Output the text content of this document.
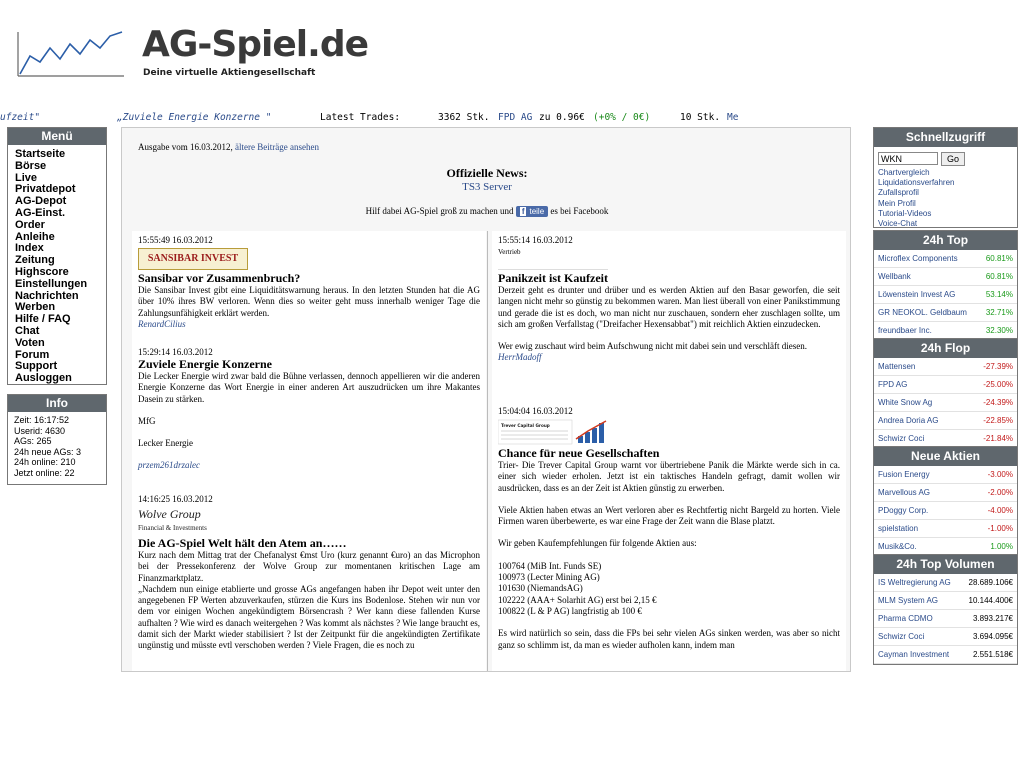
AG-Spiel.de
Deine virtuelle Aktiengesellschaft
ufzeit"	„Zuviele Energie Konzerne "	Latest Trades:	3362 Stk. FPD AG zu 0.96€ (+0% / 0€)	10 Stk. Me
Menü
Startseite
Börse
Live
Privatdepot
AG-Depot
AG-Einst.
Order
Anleihe
Index
Zeitung
Highscore
Einstellungen
Nachrichten
Werben
Hilfe / FAQ
Chat
Voten
Forum
Support
Ausloggen
Info
Zeit: 16:17:52
Userid: 4630
AGs: 265
24h neue AGs: 3
24h online: 210
Jetzt online: 22
Ausgabe vom 16.03.2012, ältere Beiträge ansehen
Offizielle News:
TS3 Server
Hilf dabei AG-Spiel groß zu machen und f teile es bei Facebook
15:55:49 16.03.2012
SANSIBAR INVEST
Sansibar vor Zusammenbruch?

Die Sansibar Invest gibt eine Liquiditätswarnung heraus. In den letzten Stunden hat die AG über 10% ihres BW verloren. Wenn dies so weiter geht muss innerhalb weniger Tage die Zahlungsunfähigkeit erklärt werden.

RenardCilius
15:29:14 16.03.2012
Zuviele Energie Konzerne

Die Lecker Energie wird zwar bald die Bühne verlassen, dennoch appellieren wir die anderen Energie Konzerne das Wort Energie in einer anderen Art auszudrücken um ihre Makantes Dasein zu stärken.

MfG

Lecker Energie

przem261drzalec
14:16:25 16.03.2012
Wolve Group
Financial & Investments
Die AG-Spiel Welt hält den Atem an……

Kurz nach dem Mittag trat der Chefanalyst €mst Uro (kurz genannt €uro) an das Microphon bei der Pressekonferenz der Wolve Group zur momentanen kritischen Lage am Finanzmarktplatz.

„Nachdem nun einige etablierte und grosse AGs angefangen haben ihr Depot weit unter den angegebenen FP Werten abzuverkaufen, stürzen die Kurs ins Bodenlose. Stehen wir nun vor dem vor einigen Wochen angekündigtem Börsencrash ? Wer kann diese fallenden Kurse aufhalten ? Wie wird es danach weitergehen ? Was kommt als nächstes ? Wie lange braucht es, damit sich der Markt wieder stabilisiert ? Ist der Zeitpunkt für die angekündigten Zertifikate ungünstig und müsste evtl verschoben werden ? Viele Fragen, die es noch zu

15:55:14 16.03.2012
Vertrieb
Panikzeit ist Kaufzeit

Derzeit geht es drunter und drüber und es werden Aktien auf den Basar geworfen, die seit langen nicht mehr so günstig zu bekommen waren. Man liest überall von einer Panikstimmung und gerade die ist es doch, wo man nicht nur zuschauen, sondern eher zuschlagen sollte, um sich am großen Verfallstag ("Dreifacher Hexensabbat") mit reichlich Aktien einzudecken.

Wer ewig zuschaut wird beim Aufschwung nicht mit dabei sein und verschläft diesen.

HerrMadoff
15:04:04 16.03.2012
Trever Capital Group
Chance für neue Gesellschaften

Trier- Die Trever Capital Group warnt vor übertriebene Panik die Märkte werde sich in ca. einer sich wieder erholen. Jetzt ist ein taktisches Handeln gefragt, damit wollen wir ausdrücken, dass es an der Zeit ist Aktien günstig zu erwerben.

Viele Aktien haben etwas an Wert verloren aber es Rechtfertig nicht Bargeld zu horten. Viele Firmen waren überbewerte, es war eine Frage der Zeit wann die Blase platzt.

Wir geben Kaufempfehlungen für folgende Aktien aus:

100764 (MiB Int. Funds SE)

100973 (Lecter Mining AG)

101630 (NiemandsAG)

102222 (AAA+ Solarhit AG) erst bei 2,15 €

100822 (L & P AG) langfristig ab 100 €

Es wird natürlich so sein, dass die FPs bei sehr vielen AGs sinken werden, was aber so nicht ganz so schlimm ist, da man es wieder aufholen kann, indem man

Schnellzugriff
WKN
Go
Chartvergleich
Liquidationsverfahren
Zufallsprofil
Mein Profil
Tutorial-Videos
Voice-Chat
24h Top
Microflex Components	60.81%
Wellbank	60.81%
Löwenstein Invest AG	53.14%
GR NEOKOL. Geldbaum 32.71%
freundbaer Inc.	32.30%
24h Flop
Mattensen	-27.39%
FPD AG	-25.00%
White Snow Ag	-24.39%
Andrea Doria AG	-22.85%
Schwizr Coci	-21.84%
Neue Aktien
Fusion Energy	-3.00%
Marvellous AG	-2.00%
PDoggy Corp.	-4.00%
spielstation	-1.00%
Musik&Co.	1.00%
24h Top Volumen
IS Weltregierung AG 28.689.106€
MLM System AG	10.144.400€
Pharma CDMO	3.893.217€
Schwizr Coci	3.694.095€
Cayman Investment	2.551.518€
